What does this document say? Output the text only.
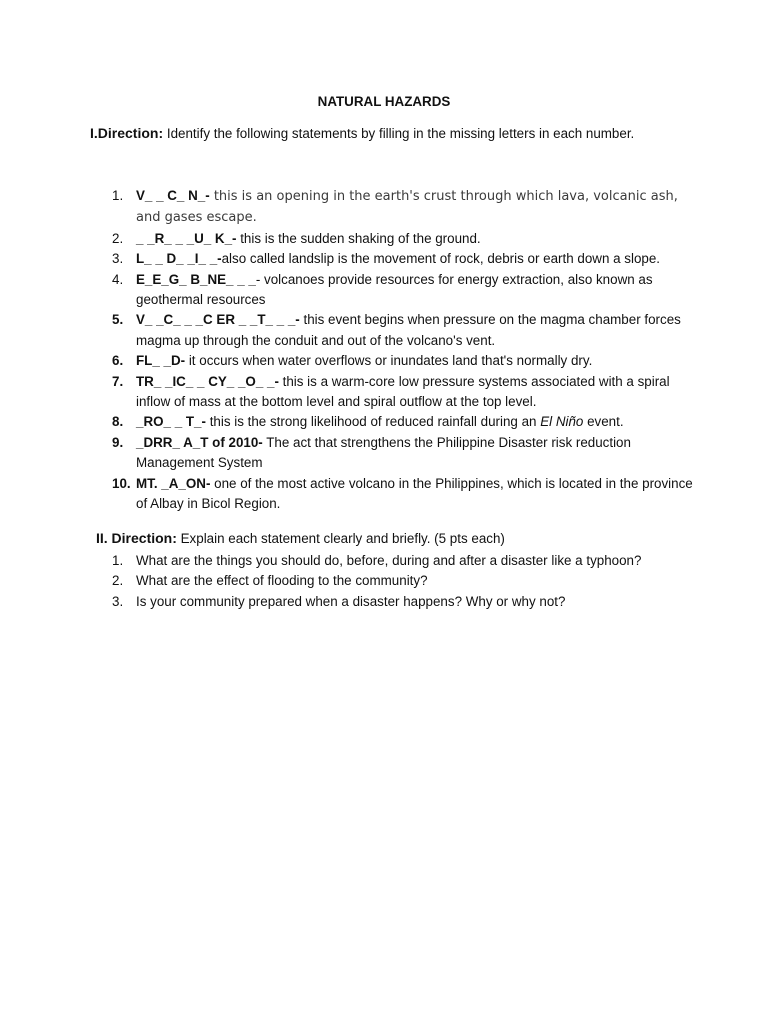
NATURAL HAZARDS
I.Direction: Identify the following statements by filling in the missing letters in each number.
1. V_ _ C_ N_- this is an opening in the earth's crust through which lava, volcanic ash, and gases escape.
2. _ _R_ _ _U_ K_- this is the sudden shaking of the ground.
3. L_ _ D_ _I_ _-also called landslip is the movement of rock, debris or earth down a slope.
4. E_E_G_ B_NE_ _ _- volcanoes provide resources for energy extraction, also known as geothermal resources
5. V_ _C_ _ _C ER _ _T_ _ _- this event begins when pressure on the magma chamber forces magma up through the conduit and out of the volcano's vent.
6. FL_ _D- it occurs when water overflows or inundates land that's normally dry.
7. TR_ _IC_ _ CY_ _O_ _- this is a warm-core low pressure systems associated with a spiral inflow of mass at the bottom level and spiral outflow at the top level.
8. _RO_ _ T_- this is the strong likelihood of reduced rainfall during an El Niño event.
9. _DRR_ A_T of 2010- The act that strengthens the Philippine Disaster risk reduction Management System
10. MT. _A_ON- one of the most active volcano in the Philippines, which is located in the province of Albay in Bicol Region.
II. Direction: Explain each statement clearly and briefly. (5 pts each)
1. What are the things you should do, before, during and after a disaster like a typhoon?
2. What are the effect of flooding to the community?
3. Is your community prepared when a disaster happens? Why or why not?
